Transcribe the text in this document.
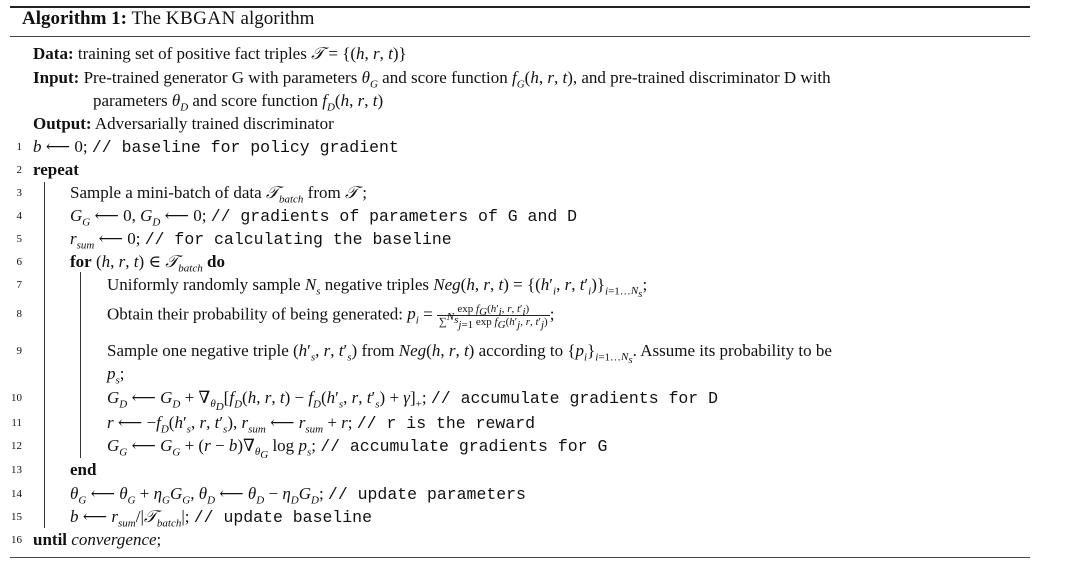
Algorithm 1: The KBGAN algorithm
Data: training set of positive fact triples 𝒯 = {(h, r, t)}
Input: Pre-trained generator G with parameters $\theta_G$ and score function $f_G(h$, r, t), and pre-trained discriminator D with
parameters $\theta_D$ and score function $f_D(h$, r, t)
Output: Adversarially trained discriminator
1
2
3
4
5
6
7
8
9
10
11
12
13
14
15
16
b ⟵ 0; // baseline for policy gradient
repeat
Sample a mini-batch of data 𝒯$_{batch}$ from 𝒯 ;
$G_G$ ⟵ 0, $G_D$ ⟵ 0; // gradients of parameters of G and D
$r_{sum}$ ⟵ 0; // for calculating the baseline
for (h, r, t) ∈ 𝒯$_{batch}$ do
Uniformly randomly sample $N_s$ negative triples Neg(h, r, $t) = \{(h'_i$, r, $t'_i)\}_{i=1\dots N_s}$;
Obtain their probability of being generated: $p_i = \frac{\exp f_G(h'_i, r, t'_i)}{\sum^{N_s}_{j=1} \exp f_G(h'_j, r, t'_j)}$ ;
Sample one negative triple ($h'_s$, r, $t'_s$) from Neg(h, r, t) according to $\{p_i\}_{i=1\dots N_s}$. Assume its probability to be
$p_s$;
$G_D$ ⟵ $G_D + \nabla_{\theta_D}[f_D(h$, r, $t) - f_D(h'_s$, r, $t'_s) + \gamma]_+$; // accumulate gradients for D
r ⟵ $-f_D(h'_s$, r, $t'_s$), $r_{sum}$ ⟵ $r_{sum} + r$; // r is the reward
$G_G$ ⟵ $G_G + (r - b)\nabla_{\theta_G}$ $\log p_s$; // accumulate gradients for G
end
$\theta_G$ ⟵ $\theta_G + \eta_GG_G$, $\theta_D$ ⟵ $\theta_D - \eta_DG_D$; // update parameters
b ⟵ $r_{sum}/|𝒯_{batch}|$; // update baseline
until convergence;
